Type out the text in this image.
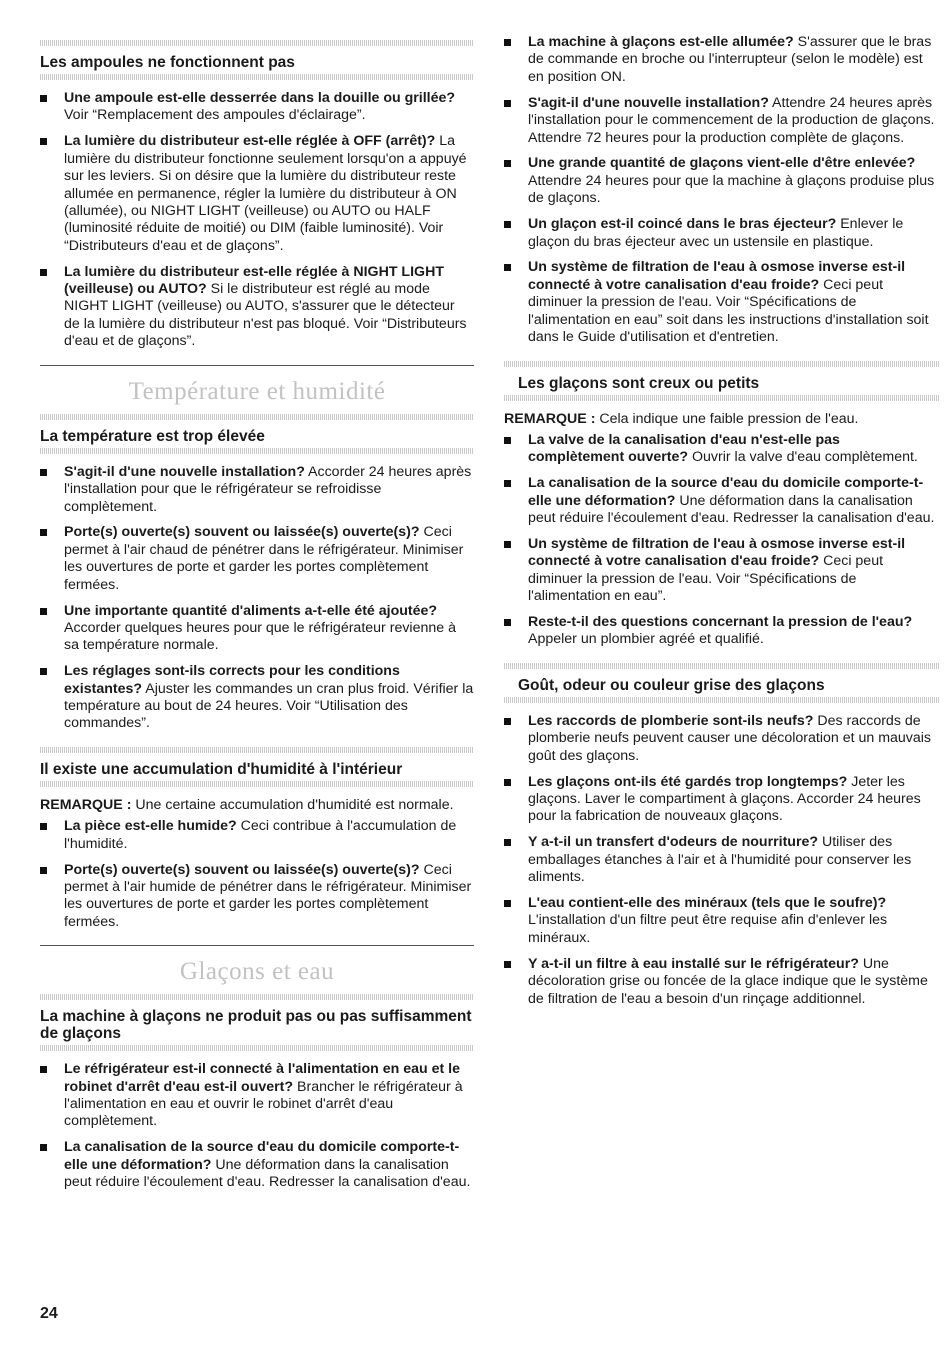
Les ampoules ne fonctionnent pas
Une ampoule est-elle desserrée dans la douille ou grillée? Voir “Remplacement des ampoules d'éclairage”.
La lumière du distributeur est-elle réglée à OFF (arrêt)? La lumière du distributeur fonctionne seulement lorsqu'on a appuyé sur les leviers. Si on désire que la lumière du distributeur reste allumée en permanence, régler la lumière du distributeur à ON (allumée), ou NIGHT LIGHT (veilleuse) ou AUTO ou HALF (luminosité réduite de moitié) ou DIM (faible luminosité). Voir “Distributeurs d'eau et de glaçons”.
La lumière du distributeur est-elle réglée à NIGHT LIGHT (veilleuse) ou AUTO? Si le distributeur est réglé au mode NIGHT LIGHT (veilleuse) ou AUTO, s'assurer que le détecteur de la lumière du distributeur n'est pas bloqué. Voir “Distributeurs d'eau et de glaçons”.
Température et humidité
La température est trop élevée
S'agit-il d'une nouvelle installation? Accorder 24 heures après l'installation pour que le réfrigérateur se refroidisse complètement.
Porte(s) ouverte(s) souvent ou laissée(s) ouverte(s)? Ceci permet à l'air chaud de pénétrer dans le réfrigérateur. Minimiser les ouvertures de porte et garder les portes complètement fermées.
Une importante quantité d'aliments a-t-elle été ajoutée? Accorder quelques heures pour que le réfrigérateur revienne à sa température normale.
Les réglages sont-ils corrects pour les conditions existantes? Ajuster les commandes un cran plus froid. Vérifier la température au bout de 24 heures. Voir “Utilisation des commandes”.
Il existe une accumulation d'humidité à l'intérieur

REMARQUE : Une certaine accumulation d'humidité est normale.

La pièce est-elle humide? Ceci contribue à l'accumulation de l'humidité.
Porte(s) ouverte(s) souvent ou laissée(s) ouverte(s)? Ceci permet à l'air humide de pénétrer dans le réfrigérateur. Minimiser les ouvertures de porte et garder les portes complètement fermées.
Glaçons et eau
La machine à glaçons ne produit pas ou pas suffisamment de glaçons
Le réfrigérateur est-il connecté à l'alimentation en eau et le robinet d'arrêt d'eau est-il ouvert? Brancher le réfrigérateur à l'alimentation en eau et ouvrir le robinet d'arrêt d'eau complètement.
La canalisation de la source d'eau du domicile comporte-t-elle une déformation? Une déformation dans la canalisation peut réduire l'écoulement d'eau. Redresser la canalisation d'eau.
La machine à glaçons est-elle allumée? S'assurer que le bras de commande en broche ou l'interrupteur (selon le modèle) est en position ON.
S'agit-il d'une nouvelle installation? Attendre 24 heures après l'installation pour le commencement de la production de glaçons. Attendre 72 heures pour la production complète de glaçons.
Une grande quantité de glaçons vient-elle d'être enlevée? Attendre 24 heures pour que la machine à glaçons produise plus de glaçons.
Un glaçon est-il coincé dans le bras éjecteur? Enlever le glaçon du bras éjecteur avec un ustensile en plastique.
Un système de filtration de l'eau à osmose inverse est-il connecté à votre canalisation d'eau froide? Ceci peut diminuer la pression de l'eau. Voir “Spécifications de l'alimentation en eau” soit dans les instructions d'installation soit dans le Guide d'utilisation et d'entretien.
Les glaçons sont creux ou petits

REMARQUE : Cela indique une faible pression de l'eau.

La valve de la canalisation d'eau n'est-elle pas complètement ouverte? Ouvrir la valve d'eau complètement.
La canalisation de la source d'eau du domicile comporte-t-elle une déformation? Une déformation dans la canalisation peut réduire l'écoulement d'eau. Redresser la canalisation d'eau.
Un système de filtration de l'eau à osmose inverse est-il connecté à votre canalisation d'eau froide? Ceci peut diminuer la pression de l'eau. Voir “Spécifications de l'alimentation en eau”.
Reste-t-il des questions concernant la pression de l'eau? Appeler un plombier agréé et qualifié.
Goût, odeur ou couleur grise des glaçons
Les raccords de plomberie sont-ils neufs? Des raccords de plomberie neufs peuvent causer une décoloration et un mauvais goût des glaçons.
Les glaçons ont-ils été gardés trop longtemps? Jeter les glaçons. Laver le compartiment à glaçons. Accorder 24 heures pour la fabrication de nouveaux glaçons.
Y a-t-il un transfert d'odeurs de nourriture? Utiliser des emballages étanches à l'air et à l'humidité pour conserver les aliments.
L'eau contient-elle des minéraux (tels que le soufre)? L'installation d'un filtre peut être requise afin d'enlever les minéraux.
Y a-t-il un filtre à eau installé sur le réfrigérateur? Une décoloration grise ou foncée de la glace indique que le système de filtration de l'eau a besoin d'un rinçage additionnel.
24
